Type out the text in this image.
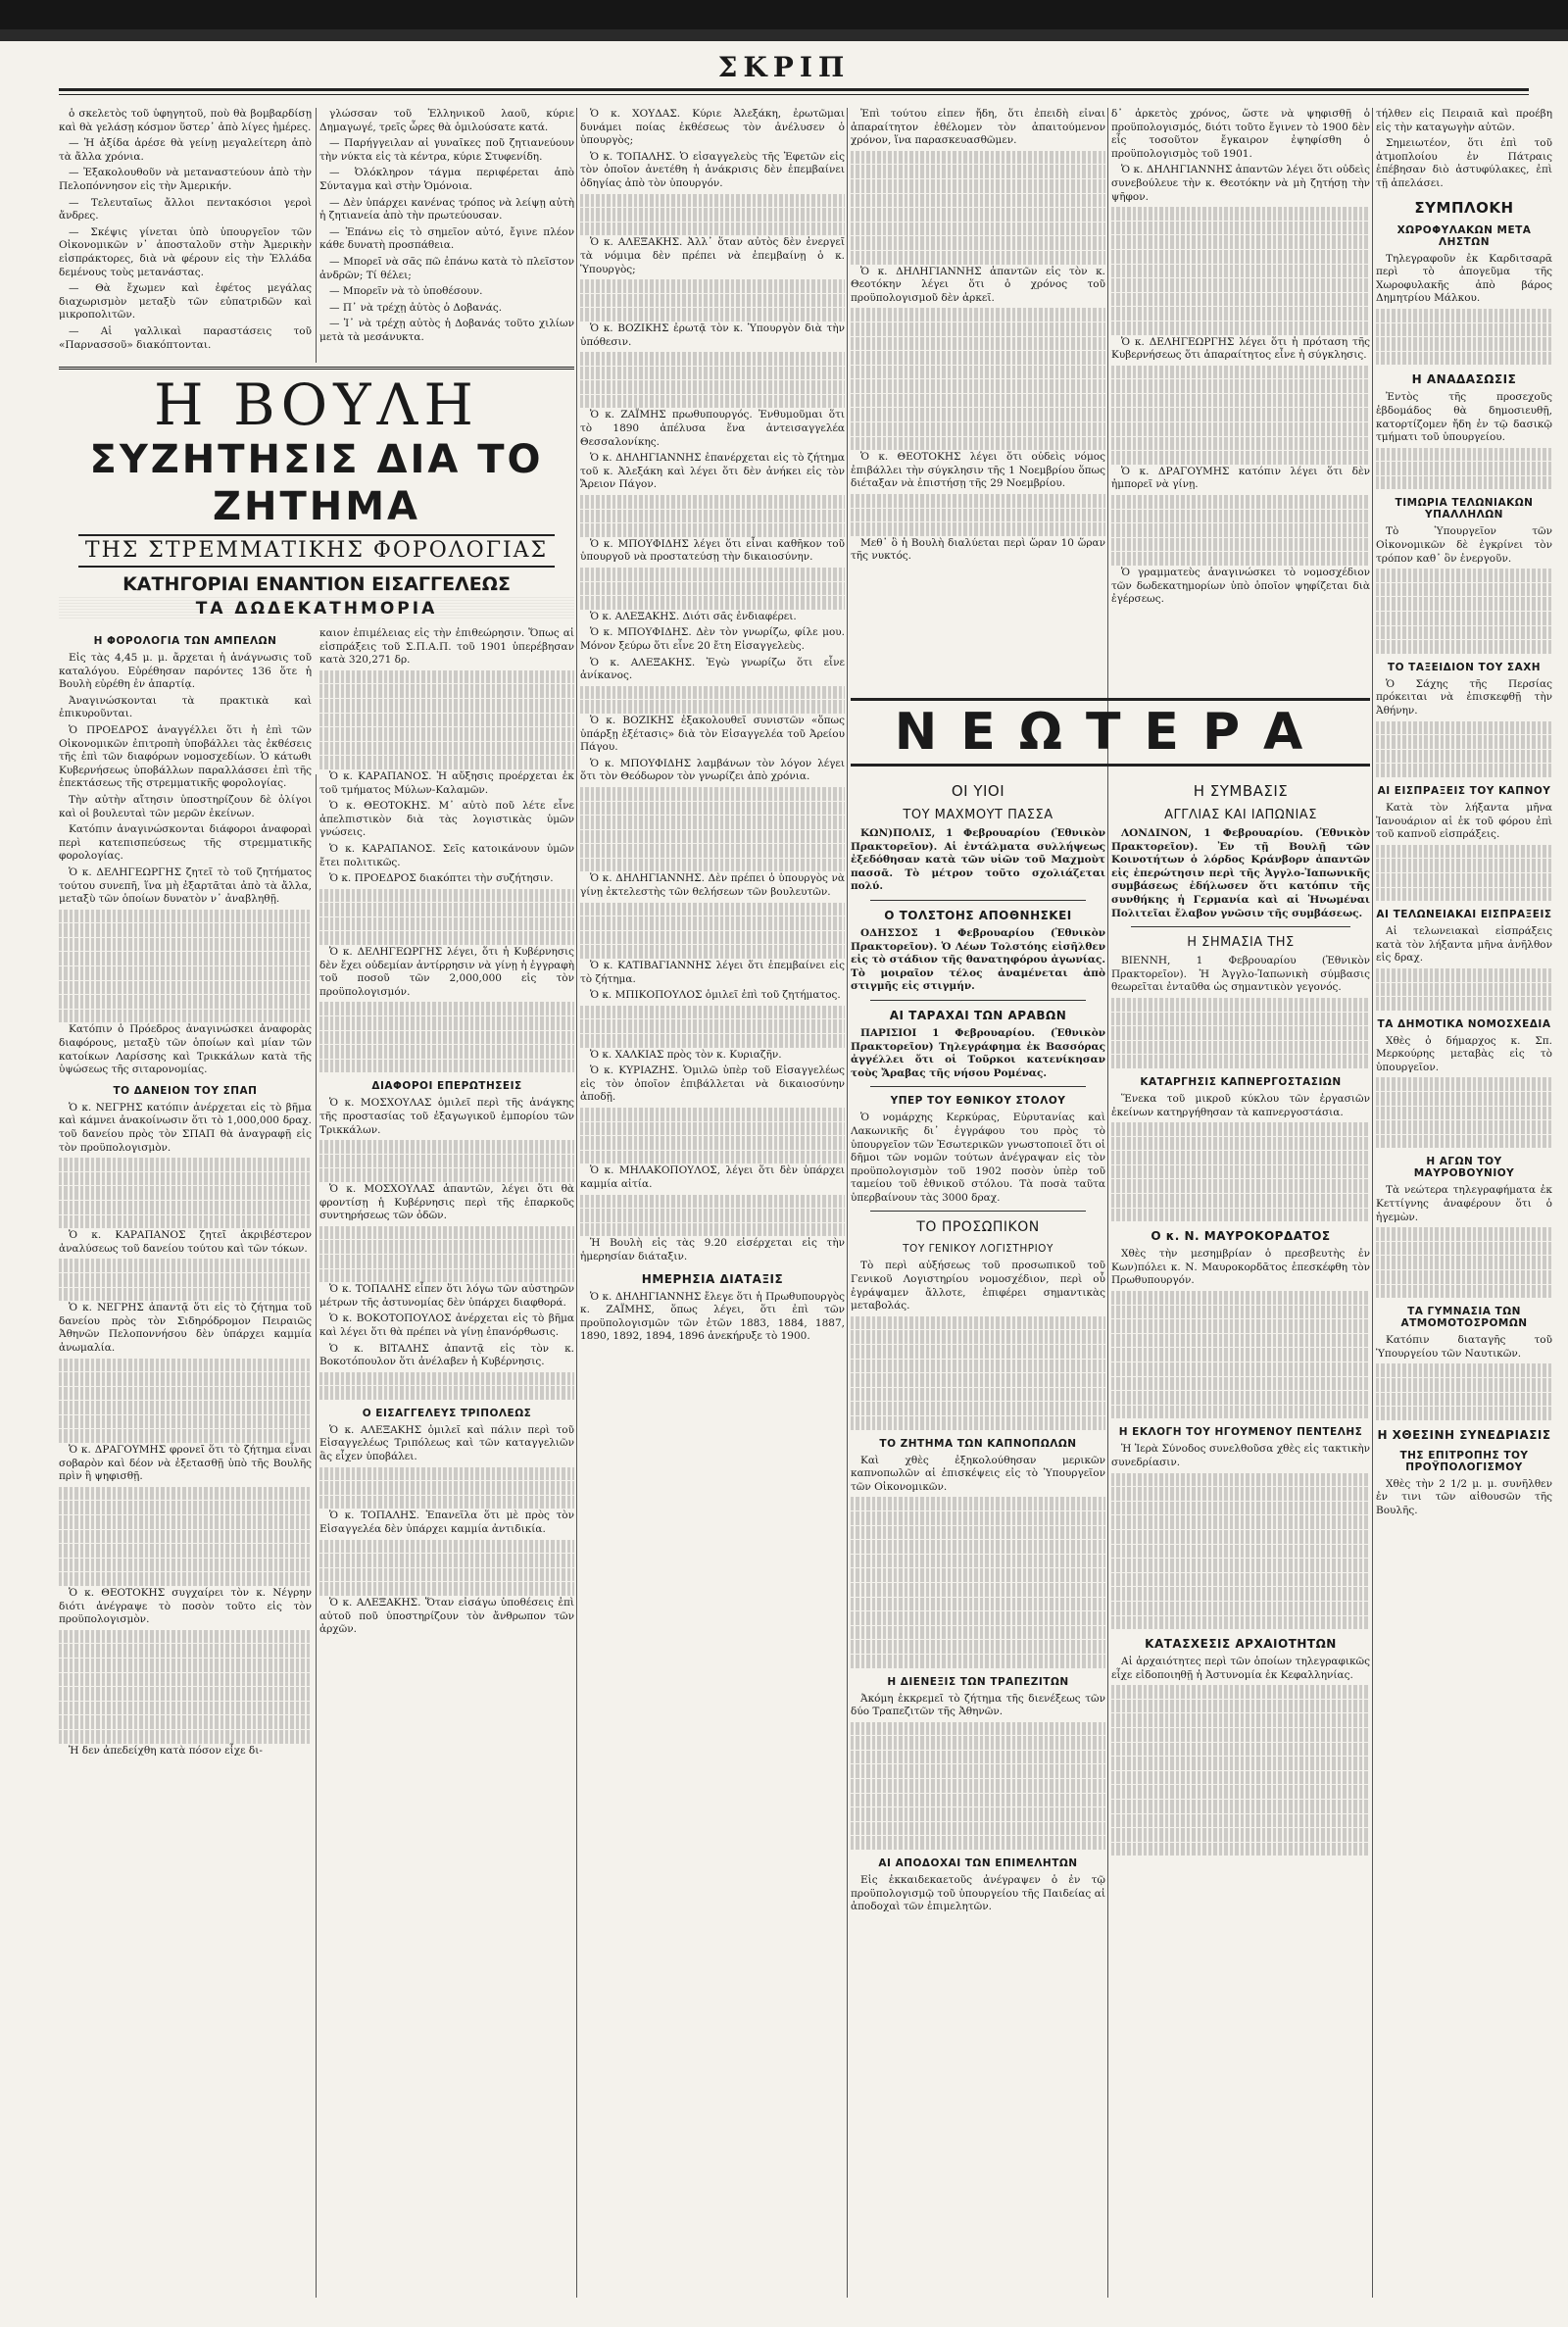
ΣΚΡΙΠ

ὁ σκελετὸς τοῦ ὑφηγητοῦ, ποὺ θὰ βομβαρδίσῃ καὶ θὰ γελάσῃ κόσμον ὕστερ᾽ ἀπὸ λίγες ἡμέρες.

— Ἡ ἀξίδα ἀρέσε θὰ γείνῃ μεγαλείτερη ἀπὸ τὰ ἄλλα χρόνια.

— Ἐξακολουθοῦν νὰ μεταναστεύουν ἀπὸ τὴν Πελοπόννησον εἰς τὴν Ἀμερικήν.

— Τελευταῖως ἄλλοι πεντακόσιοι γεροὶ ἄνδρες.

— Σκέψις γίνεται ὑπὸ ὑπουργεῖον τῶν Οἰκονομικῶν ν᾽ ἀποσταλοῦν στὴν Ἀμερικὴν εἰσπράκτορες, διὰ νὰ φέρουν εἰς τὴν Ἑλλάδα δεμένους τοὺς μετανάστας.

— Θὰ ἔχωμεν καὶ ἐφέτος μεγάλας διαχωρισμὸν μεταξὺ τῶν εὐπατριδῶν καὶ μικροπολιτῶν.

— Αἱ γαλλικαὶ παραστάσεις τοῦ «Παρνασσοῦ» διακόπτονται.

γλώσσαν τοῦ Ἑλληνικοῦ λαοῦ, κύριε Δημαγωγέ, τρεῖς ὧρες θὰ ὁμιλούσατε κατά.

— Παρήγγειλαν αἱ γυναῖκες ποῦ ζητιανεύουν τὴν νύκτα εἰς τὰ κέντρα, κύριε Στυφενίδη.

— Ὀλόκληρον τάγμα περιφέρεται ἀπὸ Σύνταγμα καὶ στὴν Ὁμόνοια.

— Δὲν ὑπάρχει κανένας τρόπος νὰ λείψῃ αὐτὴ ἡ ζητιανεία ἀπὸ τὴν πρωτεύουσαν.

— Ἐπάνω εἰς τὸ σημεῖον αὐτό, ἔγινε πλέον κάθε δυνατὴ προσπάθεια.

— Μπορεῖ νὰ σᾶς πῶ ἐπάνω κατὰ τὸ πλεῖστον ἀνδρῶν; Τί θέλει;

— Μπορεῖν νὰ τὸ ὑποθέσουν.

— Π᾽ νὰ τρέχῃ ἀὐτὸς ὁ Δοβανάς.

— Ἰ᾽ νὰ τρέχῃ αὐτὸς ἡ Δοβανάς τοῦτο χιλίων μετὰ τὰ μεσάνυκτα.

Η ΒΟΥΛΗ
ΣΥΖΗΤΗΣΙΣ ΔΙΑ ΤΟ ΖΗΤΗΜΑ
ΤΗΣ ΣΤΡΕΜΜΑΤΙΚΗΣ ΦΟΡΟΛΟΓΙΑΣ
ΚΑΤΗΓΟΡΙΑΙ ΕΝΑΝΤΙΟΝ ΕΙΣΑΓΓΕΛΕΩΣ
ΤΑ ΔΩΔΕΚΑΤΗΜΟΡΙΑ
Η ΦΟΡΟΛΟΓΙΑ ΤΩΝ ΑΜΠΕΛΩΝ

Εἰς τὰς 4,45 μ. μ. ἄρχεται ἡ ἀνάγνωσις τοῦ καταλόγου. Εὑρέθησαν παρόντες 136 ὅτε ἡ Βουλὴ εὑρέθη ἐν ἀπαρτίᾳ.

Ἀναγινώσκονται τὰ πρακτικὰ καὶ ἐπικυροῦνται.

Ὁ ΠΡΟΕΔΡΟΣ ἀναγγέλλει ὅτι ἡ ἐπὶ τῶν Οἰκονομικῶν ἐπιτροπὴ ὑποβάλλει τὰς ἐκθέσεις τῆς ἐπὶ τῶν διαφόρων νομοσχεδίων. Ὁ κάτωθι Κυβερνήσεως ὑποβάλλων παραλλάσσει ἐπὶ τῆς ἐπεκτάσεως τῆς στρεμματικῆς φορολογίας.

Τὴν αὐτὴν αἴτησιν ὑποστηρίζουν δὲ ὀλίγοι καὶ οἱ βουλευταὶ τῶν μερῶν ἐκείνων.

Κατόπιν ἀναγινώσκονται διάφοροι ἀναφοραὶ περὶ κατεπισπεύσεως τῆς στρεμματικῆς φορολογίας.

Ὁ κ. ΔΕΛΗΓΕΩΡΓΗΣ ζητεῖ τὸ τοῦ ζητήματος τούτου συνεπῆ, ἵνα μὴ ἐξαρτᾶται ἀπὸ τὰ ἄλλα, μεταξὺ τῶν ὁποίων δυνατὸν ν᾽ ἀναβληθῇ.

Κατόπιν ὁ Πρόεδρος ἀναγινώσκει ἀναφορὰς διαφόρους, μεταξὺ τῶν ὁποίων καὶ μίαν τῶν κατοίκων Λαρίσσης καὶ Τρικκάλων κατὰ τῆς ὑψώσεως τῆς σιταρονομίας.

ΤΟ ΔΑΝΕΙΟΝ ΤΟΥ ΣΠΑΠ

Ὁ κ. ΝΕΓΡΗΣ κατόπιν ἀνέρχεται εἰς τὸ βῆμα καὶ κάμνει ἀνακοίνωσιν ὅτι τὸ 1,000,000 δραχ. τοῦ δανείου πρὸς τὸν ΣΠΑΠ θὰ ἀναγραφῇ εἰς τὸν προϋπολογισμὸν.

Ὁ κ. ΚΑΡΑΠΑΝΟΣ ζητεῖ ἀκριβέστερον ἀναλύσεως τοῦ δανείου τούτου καὶ τῶν τόκων.

Ὁ κ. ΝΕΓΡΗΣ ἀπαντᾷ ὅτι εἰς τὸ ζήτημα τοῦ δανείου πρὸς τὸν Σιδηρόδρομον Πειραιῶς Ἀθηνῶν Πελοποννήσου δὲν ὑπάρχει καμμία ἀνωμαλία.

Ὁ κ. ΔΡΑΓΟΥΜΗΣ φρονεῖ ὅτι τὸ ζήτημα εἶναι σοβαρὸν καὶ δέον νὰ ἐξετασθῇ ὑπὸ τῆς Βουλῆς πρὶν ἢ ψηφισθῇ.

Ὁ κ. ΘΕΟΤΟΚΗΣ συγχαίρει τὸν κ. Νέγρην διότι ἀνέγραψε τὸ ποσὸν τοῦτο εἰς τὸν προϋπολογισμὸν.

Ἡ δεν ἀπεδείχθη κατὰ πόσον εἶχε δι-

καιον ἐπιμέλειας εἰς τὴν ἐπιθεώρησιν. Ὅπως αἱ εἰσπράξεις τοῦ Σ.Π.Α.Π. τοῦ 1901 ὑπερέβησαν κατὰ 320,271 δρ.

Ὁ κ. ΚΑΡΑΠΑΝΟΣ. Ἡ αὔξησις προέρχεται ἐκ τοῦ τμήματος Μύλων-Καλαμῶν.

Ὁ κ. ΘΕΟΤΟΚΗΣ. Μ᾽ αὐτὸ ποῦ λέτε εἶνε ἀπελπιστικὸν διὰ τὰς λογιστικὰς ὑμῶν γνώσεις.

Ὁ κ. ΚΑΡΑΠΑΝΟΣ. Σεῖς κατοικάνουν ὑμῶν ἔτει πολιτικῶς.

Ὁ κ. ΠΡΟΕΔΡΟΣ διακόπτει τὴν συζήτησιν.

Ὁ κ. ΔΕΛΗΓΕΩΡΓΗΣ λέγει, ὅτι ἡ Κυβέρνησις δὲν ἔχει οὐδεμίαν ἀντίρρησιν νὰ γίνῃ ἡ ἐγγραφὴ τοῦ ποσοῦ τῶν 2,000,000 εἰς τὸν προϋπολογισμόν.

ΔΙΑΦΟΡΟΙ ΕΠΕΡΩΤΗΣΕΙΣ

Ὁ κ. ΜΟΣΧΟΥΛΑΣ ὁμιλεῖ περὶ τῆς ἀνάγκης τῆς προστασίας τοῦ ἐξαγωγικοῦ ἐμπορίου τῶν Τρικκάλων.

Ὁ κ. ΜΟΣΧΟΥΛΑΣ ἀπαντῶν, λέγει ὅτι θὰ φροντίσῃ ἡ Κυβέρνησις περὶ τῆς ἐπαρκοῦς συντηρήσεως τῶν ὁδῶν.

Ὁ κ. ΤΟΠΑΛΗΣ εἶπεν ὅτι λόγω τῶν αὐστηρῶν μέτρων τῆς ἀστυνομίας δὲν ὑπάρχει διαφθορά.

Ὁ κ. ΒΟΚΟΤΟΠΟΥΛΟΣ ἀνέρχεται εἰς τὸ βῆμα καὶ λέγει ὅτι θὰ πρέπει νὰ γίνῃ ἐπανόρθωσις.

Ὁ κ. ΒΙΤΑΛΗΣ ἀπαντᾷ εἰς τὸν κ. Βοκοτόπουλον ὅτι ἀνέλαβεν ἡ Κυβέρνησις.

Ο ΕΙΣΑΓΓΕΛΕΥΣ ΤΡΙΠΟΛΕΩΣ

Ὁ κ. ΑΛΕΞΑΚΗΣ ὁμιλεῖ καὶ πάλιν περὶ τοῦ Εἰσαγγελέως Τριπόλεως καὶ τῶν καταγγελιῶν ἃς εἶχεν ὑποβάλει.

Ὁ κ. ΤΟΠΑΛΗΣ. Ἐπανεῖλα ὅτι μὲ πρὸς τὸν Εἰσαγγελέα δὲν ὑπάρχει καμμία ἀντιδικία.

Ὁ κ. ΑΛΕΞΑΚΗΣ. Ὅταν εἰσάγω ὑποθέσεις ἐπὶ αὐτοῦ ποῦ ὑποστηρίζουν τὸν ἄνθρωπον τῶν ἀρχῶν.

Ὁ κ. ΧΟΥΔΑΣ. Κύριε Ἀλεξάκη, ἐρωτῶμαι δυνάμει ποίας ἐκθέσεως τὸν ἀνέλυσεν ὁ ὑπουργὸς;

Ὁ κ. ΤΟΠΑΛΗΣ. Ὁ εἰσαγγελεὺς τῆς Ἐφετῶν εἰς τὸν ὁποῖον ἀνετέθη ἡ ἀνάκρισις δὲν ἐπεμβαίνει ὁδηγίας ἀπὸ τὸν ὑπουργόν.

Ὁ κ. ΑΛΕΞΑΚΗΣ. Ἀλλ᾽ ὅταν αὐτὸς δὲν ἐνεργεῖ τὰ νόμιμα δὲν πρέπει νὰ ἐπεμβαίνῃ ὁ κ. Ὑπουργὸς;

Ὁ κ. ΒΟΖΙΚΗΣ ἐρωτᾷ τὸν κ. Ὑπουργὸν διὰ τὴν ὑπόθεσιν.

Ὁ κ. ΖΑΪΜΗΣ πρωθυπουργός. Ἐνθυμοῦμαι ὅτι τὸ 1890 ἀπέλυσα ἕνα ἀντεισαγγελέα Θεσσαλονίκης.

Ὁ κ. ΔΗΛΗΓΙΑΝΝΗΣ ἐπανέρχεται εἰς τὸ ζήτημα τοῦ κ. Ἀλεξάκη καὶ λέγει ὅτι δὲν ἀνήκει εἰς τὸν Ἄρειον Πάγον.

Ὁ κ. ΜΠΟΥΦΙΔΗΣ λέγει ὅτι εἶναι καθῆκον τοῦ ὑπουργοῦ νὰ προστατεύσῃ τὴν δικαιοσύνην.

Ὁ κ. ΑΛΕΞΑΚΗΣ. Διότι σᾶς ἐνδιαφέρει.

Ὁ κ. ΜΠΟΥΦΙΔΗΣ. Δὲν τὸν γνωρίζω, φίλε μου. Μόνον ξεύρω ὅτι εἶνε 20 ἔτη Εἰσαγγελεὺς.

Ὁ κ. ΑΛΕΞΑΚΗΣ. Ἐγὼ γνωρίζω ὅτι εἶνε ἀνίκανος.

Ὁ κ. ΒΟΖΙΚΗΣ ἐξακολουθεῖ συνιστῶν «ὅπως ὑπάρξῃ ἐξέτασις» διὰ τὸν Εἰσαγγελέα τοῦ Ἀρείου Πάγου.

Ὁ κ. ΜΠΟΥΦΙΔΗΣ λαμβάνων τὸν λόγον λέγει ὅτι τὸν Θεόδωρον τὸν γνωρίζει ἀπὸ χρόνια.

Ὁ κ. ΔΗΛΗΓΙΑΝΝΗΣ. Δὲν πρέπει ὁ ὑπουργὸς νὰ γίνῃ ἐκτελεστὴς τῶν θελήσεων τῶν βουλευτῶν.

Ὁ κ. ΚΑΤΙΒΑΓΙΑΝΝΗΣ λέγει ὅτι ἐπεμβαίνει εἰς τὸ ζήτημα.

Ὁ κ. ΜΠΙΚΟΠΟΥΛΟΣ ὁμιλεῖ ἐπὶ τοῦ ζητήματος.

Ὁ κ. ΧΑΛΚΙΑΣ πρὸς τὸν κ. Κυριαζῆν.

Ὁ κ. ΚΥΡΙΑΖΗΣ. Ὁμιλῶ ὑπὲρ τοῦ Εἰσαγγελέως εἰς τὸν ὁποῖον ἐπιβάλλεται νὰ δικαιοσύνην ἀποδῇ.

Ὁ κ. ΜΗΛΑΚΟΠΟΥΛΟΣ, λέγει ὅτι δὲν ὑπάρχει καμμία αἰτία.

Ἡ Βουλὴ εἰς τὰς 9.20 εἰσέρχεται εἰς τὴν ἡμερησίαν διάταξιν.

ΗΜΕΡΗΣΙΑ ΔΙΑΤΑΞΙΣ

Ὁ κ. ΔΗΛΗΓΙΑΝΝΗΣ ἔλεγε ὅτι ἡ Πρωθυπουργὸς κ. ΖΑΪΜΗΣ, ὅπως λέγει, ὅτι ἐπὶ τῶν προϋπολογισμῶν τῶν ἐτῶν 1883, 1884, 1887, 1890, 1892, 1894, 1896 ἀνεκήρυξε τὸ 1900.

Ἐπὶ τούτου εἶπεν ἤδη, ὅτι ἐπειδὴ εἶναι ἀπαραίτητον ἐθέλομεν τὸν ἀπαιτούμενον χρόνον, ἵνα παρασκευασθῶμεν.

Ὁ κ. ΔΗΛΗΓΙΑΝΝΗΣ ἀπαντῶν εἰς τὸν κ. Θεοτόκην λέγει ὅτι ὁ χρόνος τοῦ προϋπολογισμοῦ δὲν ἀρκεῖ.

Ὁ κ. ΘΕΟΤΟΚΗΣ λέγει ὅτι οὐδεὶς νόμος ἐπιβάλλει τὴν σύγκλησιν τῆς 1 Νοεμβρίου ὅπως διέταξαν νὰ ἐπιστήσῃ τῆς 29 Νοεμβρίου.

Μεθ᾽ ὃ ἡ Βουλὴ διαλύεται περὶ ὥραν 10 ὥραν τῆς νυκτός.

δ᾽ ἀρκετὸς χρόνος, ὥστε νὰ ψηφισθῇ ὁ προϋπολογισμός, διότι τοῦτο ἔγινεν τὸ 1900 δὲν εἶς τοσοῦτον ἔγκαιρον ἐψηφίσθη ὁ προϋπολογισμὸς τοῦ 1901.

Ὁ κ. ΔΗΛΗΓΙΑΝΝΗΣ ἀπαντῶν λέγει ὅτι οὐδεὶς συνεβούλευε τὴν κ. Θεοτόκην νὰ μὴ ζητήσῃ τὴν ψῆφον.

Ὁ κ. ΔΕΛΗΓΕΩΡΓΗΣ λέγει ὅτι ἡ πρόταση τῆς Κυβερνήσεως ὅτι ἀπαραίτητος εἶνε ἡ σύγκλησις.

Ὁ κ. ΔΡΑΓΟΥΜΗΣ κατόπιν λέγει ὅτι δὲν ἠμπορεῖ νὰ γίνῃ.

Ὁ γραμματεὺς ἀναγινώσκει τὸ νομοσχέδιον τῶν δωδεκατημορίων ὑπὸ ὁποῖον ψηφίζεται διὰ ἐγέρσεως.

ΝΕΩΤΕΡΑ
ΟΙ ΥΙΟΙ
ΤΟΥ ΜΑΧΜΟΥΤ ΠΑΣΣΑ

ΚΩΝ)ΠΟΛΙΣ, 1 Φεβρουαρίου (Ἐθνικὸν Πρακτορεῖον). Αἱ ἐντάλματα συλλήψεως ἐξεδόθησαν κατὰ τῶν υἱῶν τοῦ Μαχμοὺτ πασσᾶ. Τὸ μέτρον τοῦτο σχολιάζεται πολύ.

Ο ΤΟΛΣΤΟΗΣ ΑΠΟΘΝΗΣΚΕΙ

ΟΔΗΣΣΟΣ 1 Φεβρουαρίου (Ἐθνικὸν Πρακτορεῖον). Ὁ Λέων Τολστόης εἰσῆλθεν εἰς τὸ στάδιον τῆς θανατηφόρου ἀγωνίας. Τὸ μοιραῖον τέλος ἀναμένεται ἀπὸ στιγμῆς εἰς στιγμήν.

ΑΙ ΤΑΡΑΧΑΙ ΤΩΝ ΑΡΑΒΩΝ

ΠΑΡΙΣΙΟΙ 1 Φεβρουαρίου. (Ἐθνικὸν Πρακτορεῖον) Τηλεγράφημα ἐκ Βασσόρας ἀγγέλλει ὅτι οἱ Τοῦρκοι κατενίκησαν τοὺς Ἄραβας τῆς νήσου Ρομένας.

ΥΠΕΡ ΤΟΥ ΕΘΝΙΚΟΥ ΣΤΟΛΟΥ

Ὁ νομάρχης Κερκύρας, Εὐρυτανίας καὶ Λακωνικῆς δι᾽ ἐγγράφου του πρὸς τὸ ὑπουργεῖον τῶν Ἐσωτερικῶν γνωστοποιεῖ ὅτι οἱ δῆμοι τῶν νομῶν τούτων ἀνέγραψαν εἰς τὸν προϋπολογισμὸν τοῦ 1902 ποσὸν ὑπὲρ τοῦ ταμείου τοῦ ἐθνικοῦ στόλου. Τὰ ποσὰ ταῦτα ὑπερβαίνουν τὰς 3000 δραχ.

ΤΟ ΠΡΟΣΩΠΙΚΟΝ
ΤΟΥ ΓΕΝΙΚΟΥ ΛΟΓΙΣΤΗΡΙΟΥ

Τὸ περὶ αὐξήσεως τοῦ προσωπικοῦ τοῦ Γενικοῦ Λογιστηρίου νομοσχέδιον, περὶ οὗ ἐγράψαμεν ἄλλοτε, ἐπιφέρει σημαντικὰς μεταβολάς.

ΤΟ ΖΗΤΗΜΑ ΤΩΝ ΚΑΠΝΟΠΩΛΩΝ

Καὶ χθὲς ἐξηκολούθησαν μερικῶν καπνοπωλῶν αἱ ἐπισκέψεις εἰς τὸ Ὑπουργεῖον τῶν Οἰκονομικῶν.

Η ΔΙΕΝΕΞΙΣ ΤΩΝ ΤΡΑΠΕΖΙΤΩΝ

Ἀκόμη ἐκκρεμεῖ τὸ ζήτημα τῆς διενέξεως τῶν δύο Τραπεζιτῶν τῆς Ἀθηνῶν.

ΑΙ ΑΠΟΔΟΧΑΙ ΤΩΝ ΕΠΙΜΕΛΗΤΩΝ

Εἰς ἐκκαιδεκαετοῦς ἀνέγραψεν ὁ ἐν τῷ προϋπολογισμῷ τοῦ ὑπουργείου τῆς Παιδείας αἱ ἀποδοχαὶ τῶν ἐπιμελητῶν.

Η ΣΥΜΒΑΣΙΣ
ΑΓΓΛΙΑΣ ΚΑΙ ΙΑΠΩΝΙΑΣ

ΛΟΝΔΙΝΟΝ, 1 Φεβρουαρίου. (Ἐθνικὸν Πρακτορεῖον). Ἐν τῇ Βουλῇ τῶν Κοινοτήτων ὁ λόρδος Κράνβορν ἀπαντῶν εἰς ἐπερώτησιν περὶ τῆς Ἀγγλο-Ἰαπωνικῆς συμβάσεως ἐδήλωσεν ὅτι κατόπιν τῆς συνθήκης ἡ Γερμανία καὶ αἱ Ἡνωμέναι Πολιτεῖαι ἔλαβον γνῶσιν τῆς συμβάσεως.

Η ΣΗΜΑΣΙΑ ΤΗΣ

ΒΙΕΝΝΗ, 1 Φεβρουαρίου (Ἐθνικὸν Πρακτορεῖον). Ἡ Ἀγγλο-Ἰαπωνικὴ σύμβασις θεωρεῖται ἐνταῦθα ὡς σημαντικὸν γεγονός.

ΚΑΤΑΡΓΗΣΙΣ ΚΑΠΝΕΡΓΟΣΤΑΣΙΩΝ

Ἕνεκα τοῦ μικροῦ κύκλου τῶν ἐργασιῶν ἐκείνων κατηργήθησαν τὰ καπνεργοστάσια.

Ο κ. Ν. ΜΑΥΡΟΚΟΡΔΑΤΟΣ

Χθὲς τὴν μεσημβρίαν ὁ πρεσβευτὴς ἐν Κων)πόλει κ. Ν. Μαυροκορδᾶτος ἐπεσκέφθη τὸν Πρωθυπουργόν.

Η ΕΚΛΟΓΗ ΤΟΥ ΗΓΟΥΜΕΝΟΥ ΠΕΝΤΕΛΗΣ

Ἡ Ἱερὰ Σύνοδος συνελθοῦσα χθὲς εἰς τακτικὴν συνεδρίασιν.

ΚΑΤΑΣΧΕΣΙΣ ΑΡΧΑΙΟΤΗΤΩΝ

Αἱ ἀρχαιότητες περὶ τῶν ὁποίων τηλεγραφικῶς εἶχε εἰδοποιηθῇ ἡ Ἀστυνομία ἐκ Κεφαλληνίας.

τήλθεν εἰς Πειραιᾶ καὶ προέβη εἰς τὴν καταγωγὴν αὐτῶν.

Σημειωτέον, ὅτι ἐπὶ τοῦ ἀτμοπλοίου ἐν Πάτραις ἐπέβησαν διὸ ἀστυφύλακες, ἐπὶ τῇ ἀπελάσει.

ΣΥΜΠΛΟΚΗ
ΧΩΡΟΦΥΛΑΚΩΝ ΜΕΤΑ ΛΗΣΤΩΝ

Τηλεγραφοῦν ἐκ Καρδιτσαρᾶ περὶ τὸ ἀπογεῦμα τῆς Χωροφυλακῆς ἀπὸ βάρος Δημητρίου Μάλκου.

Η ΑΝΑΔΑΣΩΣΙΣ

Ἐντὸς τῆς προσεχοῦς ἑβδομάδος θὰ δημοσιευθῇ, κατορτίζομεν ἤδη ἐν τῷ δασικῷ τμήματι τοῦ ὑπουργείου.

ΤΙΜΩΡΙΑ ΤΕΛΩΝΙΑΚΩΝ ΥΠΑΛΛΗΛΩΝ

Τὸ Ὑπουργεῖον τῶν Οἰκονομικῶν δὲ ἐγκρίνει τὸν τρόπον καθ᾽ ὃν ἐνεργοῦν.

ΤΟ ΤΑΞΕΙΔΙΟΝ ΤΟΥ ΣΑΧΗ

Ὁ Σάχης τῆς Περσίας πρόκειται νὰ ἐπισκεφθῇ τὴν Ἀθήνην.

ΑΙ ΕΙΣΠΡΑΞΕΙΣ ΤΟΥ ΚΑΠΝΟΥ

Κατὰ τὸν λήξαντα μῆνα Ἰανουάριον αἱ ἐκ τοῦ φόρου ἐπὶ τοῦ καπνοῦ εἰσπράξεις.

ΑΙ ΤΕΛΩΝΕΙΑΚΑΙ ΕΙΣΠΡΑΞΕΙΣ

Αἱ τελωνειακαὶ εἰσπράξεις κατὰ τὸν λήξαντα μῆνα ἀνῆλθον εἰς δραχ.

ΤΑ ΔΗΜΟΤΙΚΑ ΝΟΜΟΣΧΕΔΙΑ

Χθὲς ὁ δήμαρχος κ. Σπ. Μερκούρης μεταβὰς εἰς τὸ ὑπουργεῖον.

Η ΑΓΩΝ ΤΟΥ ΜΑΥΡΟΒΟΥΝΙΟΥ

Τὰ νεώτερα τηλεγραφήματα ἐκ Κεττίγνης ἀναφέρουν ὅτι ὁ ἡγεμὼν.

ΤΑ ΓΥΜΝΑΣΙΑ ΤΩΝ ΑΤΜΟΜΟΤΟΣΡΟΜΩΝ

Κατόπιν διαταγῆς τοῦ Ὑπουργείου τῶν Ναυτικῶν.

Η ΧΘΕΣΙΝΗ ΣΥΝΕΔΡΙΑΣΙΣ
ΤΗΣ ΕΠΙΤΡΟΠΗΣ ΤΟΥ ΠΡΟΫΠΟΛΟΓΙΣΜΟΥ

Χθὲς τὴν 2 1/2 μ. μ. συνῆλθεν ἐν τινι τῶν αἰθουσῶν τῆς Βουλῆς.
